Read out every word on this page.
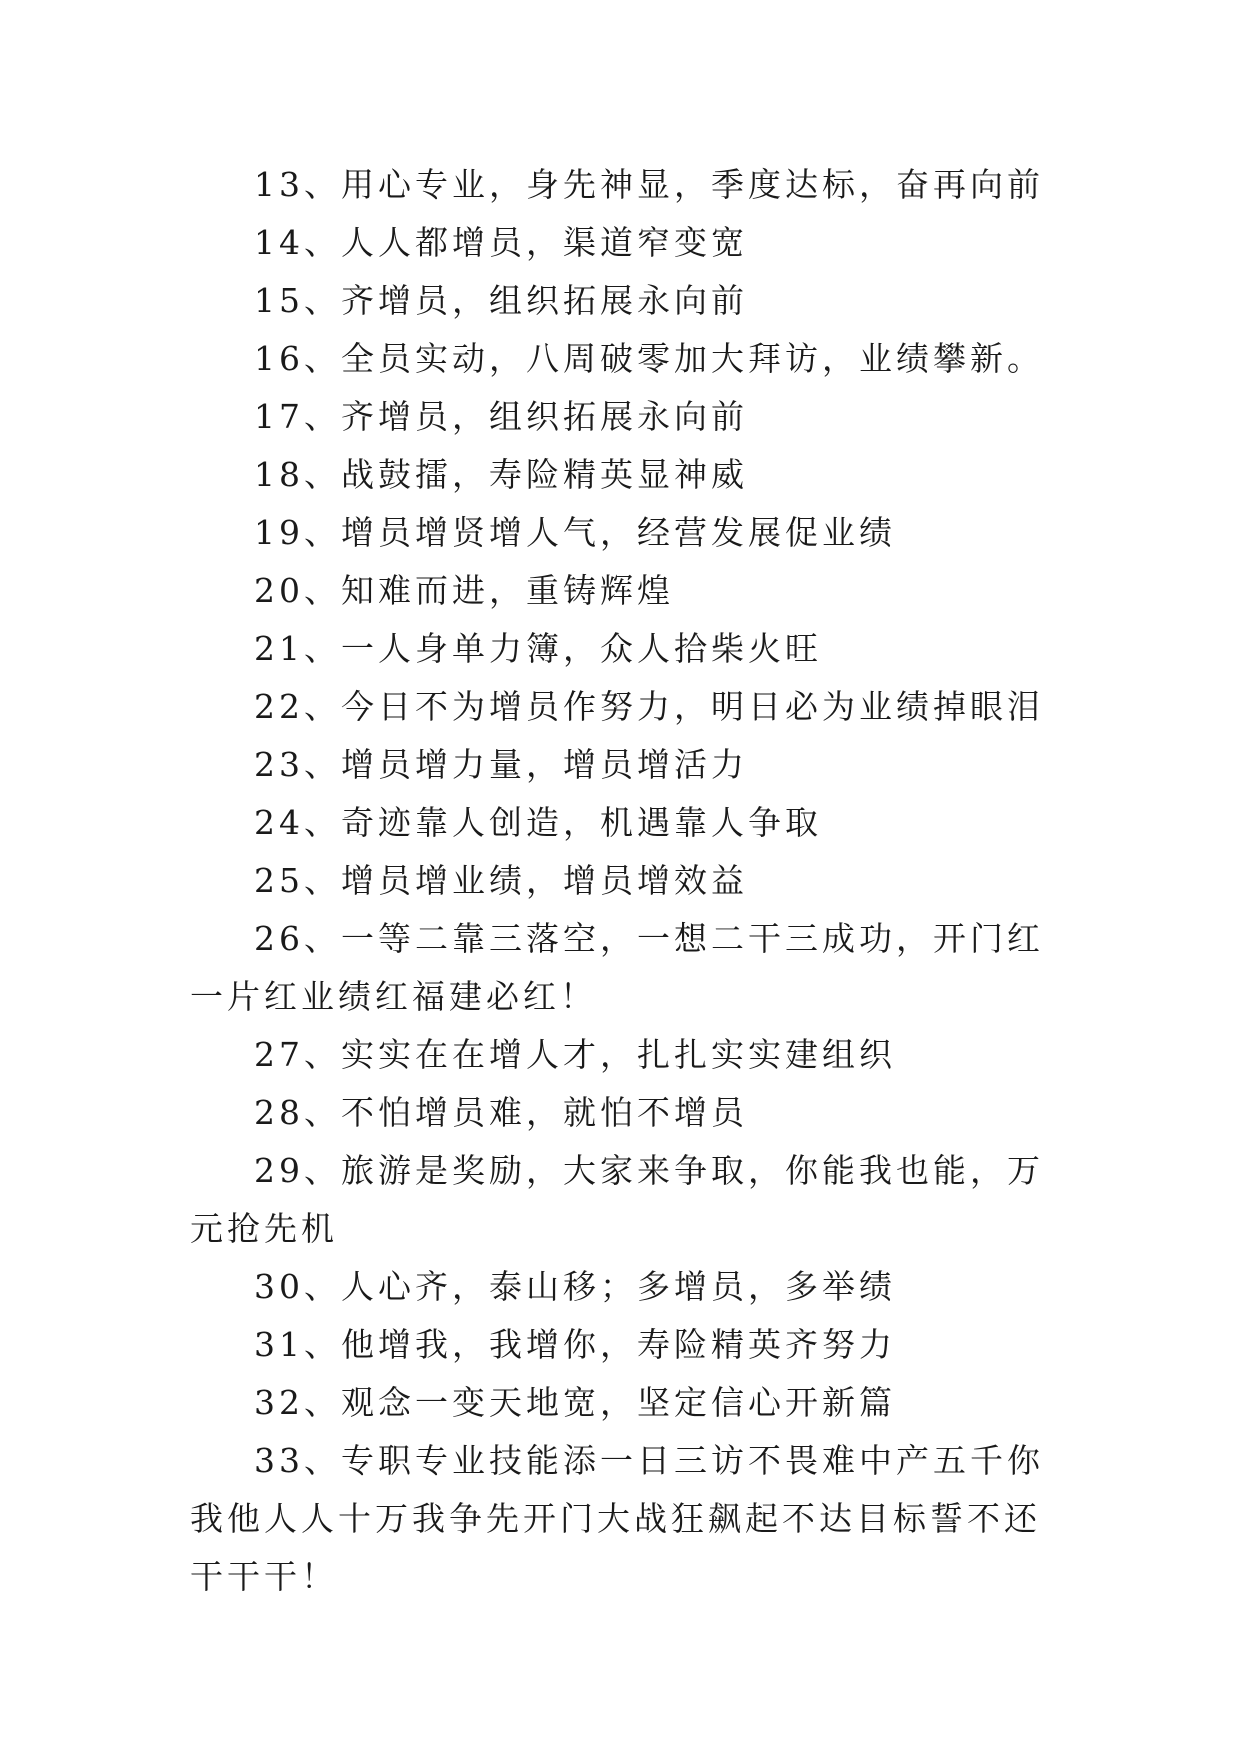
13、用心专业，身先神显，季度达标，奋再向前

14、人人都增员，渠道窄变宽

15、齐增员，组织拓展永向前

16、全员实动，八周破零加大拜访，业绩攀新。

17、齐增员，组织拓展永向前

18、战鼓擂，寿险精英显神威

19、增员增贤增人气，经营发展促业绩

20、知难而进，重铸辉煌

21、一人身单力簿，众人拾柴火旺

22、今日不为增员作努力，明日必为业绩掉眼泪

23、增员增力量，增员增活力

24、奇迹靠人创造，机遇靠人争取

25、增员增业绩，增员增效益

26、一等二靠三落空，一想二干三成功，开门红一片红业绩红福建必红！

27、实实在在增人才，扎扎实实建组织

28、不怕增员难，就怕不增员

29、旅游是奖励，大家来争取，你能我也能，万元抢先机

30、人心齐，泰山移；多增员，多举绩

31、他增我，我增你，寿险精英齐努力

32、观念一变天地宽，坚定信心开新篇

33、专职专业技能添一日三访不畏难中产五千你我他人人十万我争先开门大战狂飙起不达目标誓不还干干干！
